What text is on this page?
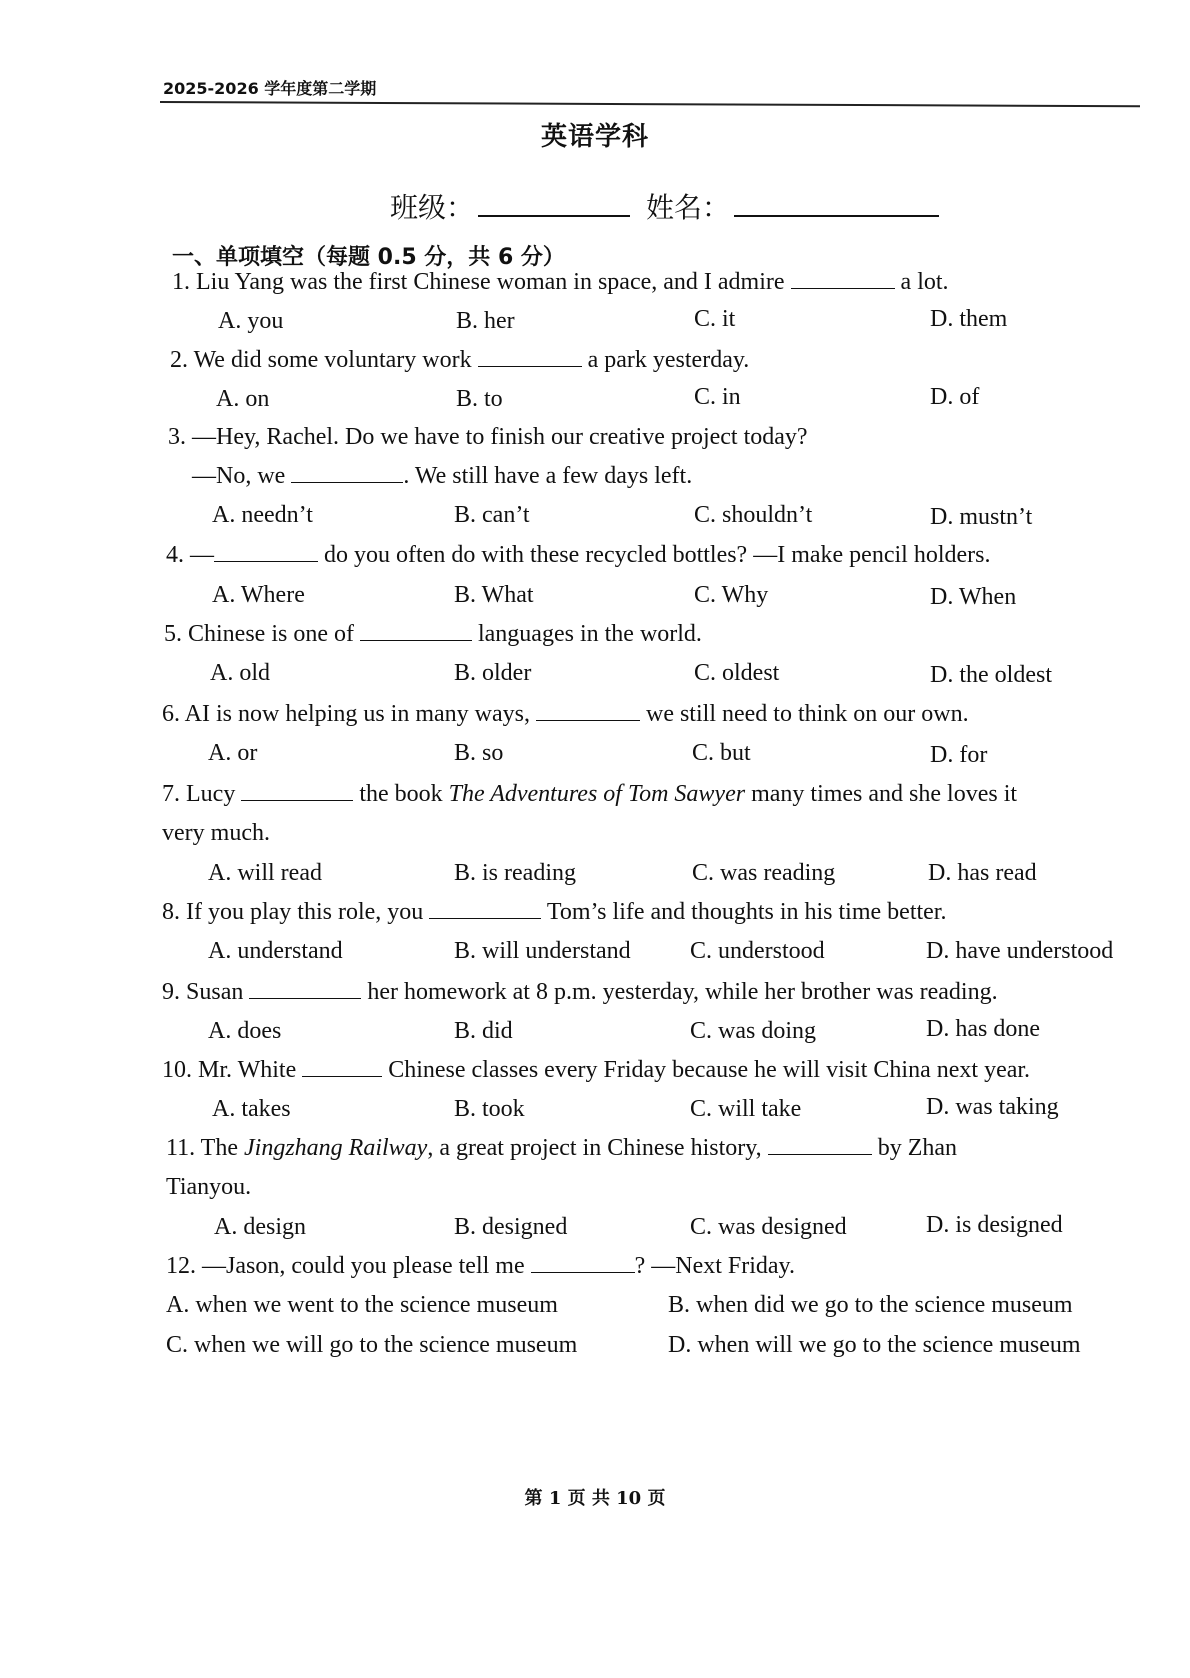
2025-2026 学年度第二学期
英语学科
班级：	姓名：
一、单项填空（每题 0.5 分，共 6 分）
1. Liu Yang was the first Chinese woman in space, and I admire	a lot.
A. you	B. her	C. it	D. them
2. We did some voluntary work	a park yesterday.
A. on	B. to	C. in	D. of
3. —Hey, Rachel. Do we have to finish our creative project today?
—No, we	. We still have a few days left.
A. needn’t	B. can’t	C. shouldn’t	D. mustn’t
4. —	do you often do with these recycled bottles? —I make pencil holders.
A. Where	B. What	C. Why	D. When
5. Chinese is one of	languages in the world.
A. old	B. older	C. oldest	D. the oldest
6. AI is now helping us in many ways,	we still need to think on our own.
A. or	B. so	C. but	D. for
7. Lucy	the book The Adventures of Tom Sawyer many times and she loves it
very much.
A. will read	B. is reading	C. was reading	D. has read
8. If you play this role, you	Tom’s life and thoughts in his time better.
A. understand	B. will understand C. understood	D. have understood
9. Susan	her homework at 8 p.m. yesterday, while her brother was reading.
A. does	B. did	C. was doing	D. has done
10. Mr. White	Chinese classes every Friday because he will visit China next year.
A. takes	B. took	C. will take	D. was taking
11. The Jingzhang Railway, a great project in Chinese history,	by Zhan
Tianyou.
A. design	B. designed	C. was designed	D. is designed
12. —Jason, could you please tell me	? —Next Friday.
A. when we went to the science museum	B. when did we go to the science museum
C. when we will go to the science museum	D. when will we go to the science museum
第 1 页 共 10 页
